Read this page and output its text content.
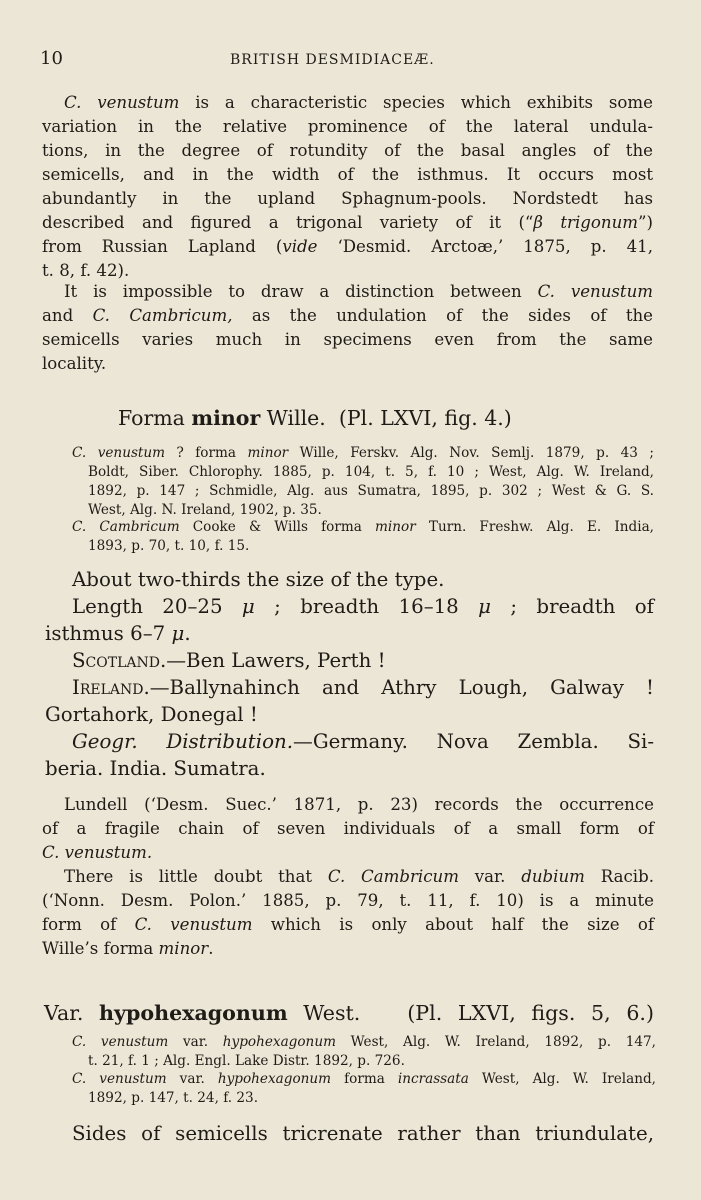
10	BRITISH DESMIDIACEÆ.
C. venustum is a characteristic species which exhibits some
variation in the relative prominence of the lateral undula-
tions, in the degree of rotundity of the basal angles of the
semicells, and in the width of the isthmus. It occurs most
abundantly in the upland Sphagnum-pools. Nordstedt has
described and figured a trigonal variety of it (“β trigonum”)
from Russian Lapland (vide ‘Desmid. Arctoæ,’ 1875, p. 41,
t. 8, f. 42).
It is impossible to draw a distinction between C. venustum
and C. Cambricum, as the undulation of the sides of the
semicells varies much in specimens even from the same
locality.
Forma minor Wille. (Pl. LXVI, fig. 4.)
C. venustum ? forma minor Wille, Ferskv. Alg. Nov. Semlj. 1879, p. 43 ;
Boldt, Siber. Chlorophy. 1885, p. 104, t. 5, f. 10 ; West, Alg. W. Ireland,
1892, p. 147 ; Schmidle, Alg. aus Sumatra, 1895, p. 302 ; West & G. S.
West, Alg. N. Ireland, 1902, p. 35.
C. Cambricum Cooke & Wills forma minor Turn. Freshw. Alg. E. India,
1893, p. 70, t. 10, f. 15.
About two-thirds the size of the type.
Length 20–25 μ ; breadth 16–18 μ ; breadth of
isthmus 6–7 μ.
Scotland.—Ben Lawers, Perth !
Ireland.—Ballynahinch and Athry Lough, Galway !
Gortahork, Donegal !
Geogr. Distribution.—Germany. Nova Zembla. Si-
beria. India. Sumatra.
Lundell (‘Desm. Suec.’ 1871, p. 23) records the occurrence
of a fragile chain of seven individuals of a small form of
C. venustum.
There is little doubt that C. Cambricum var. dubium Racib.
(‘Nonn. Desm. Polon.’ 1885, p. 79, t. 11, f. 10) is a minute
form of C. venustum which is only about half the size of
Wille’s forma minor.
Var. hypohexagonum West. (Pl. LXVI, figs. 5, 6.)
C. venustum var. hypohexagonum West, Alg. W. Ireland, 1892, p. 147,
t. 21, f. 1 ; Alg. Engl. Lake Distr. 1892, p. 726.
C. venustum var. hypohexagonum forma incrassata West, Alg. W. Ireland,
1892, p. 147, t. 24, f. 23.
Sides of semicells tricrenate rather than triundulate,
